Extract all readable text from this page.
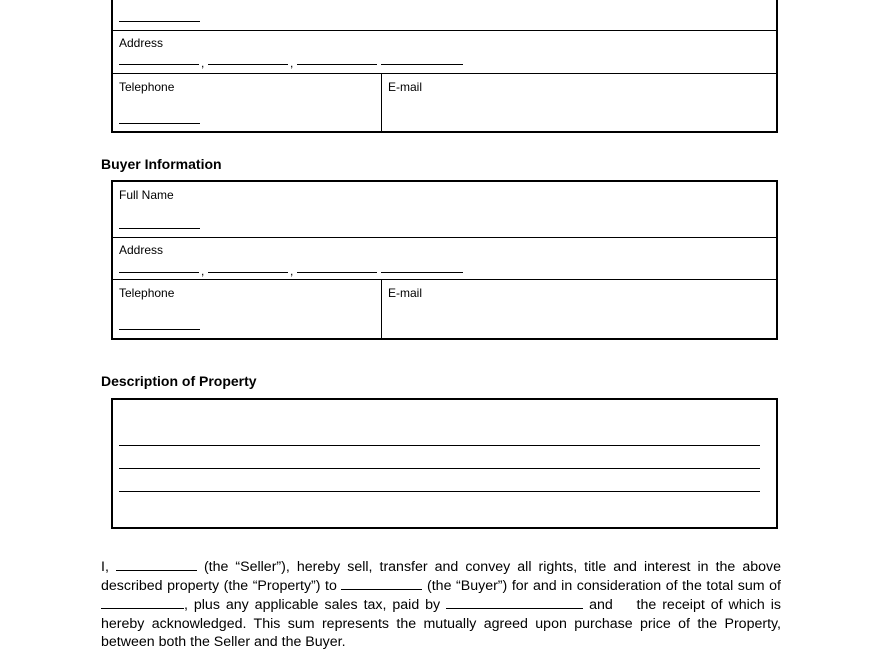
Address
,	,
Telephone	E-mail
Buyer Information
Full Name
Address
,	,
Telephone	E-mail
Description of Property

I,	(the “Seller”), hereby sell, transfer and convey all rights, title and interest in the above described property (the “Property”) to	(the “Buyer”) for and in consideration of the total sum of , plus any applicable sales tax, paid by	and the receipt of which is hereby acknowledged. This sum represents the mutually agreed upon purchase price of the Property, between both the Seller and the Buyer.
